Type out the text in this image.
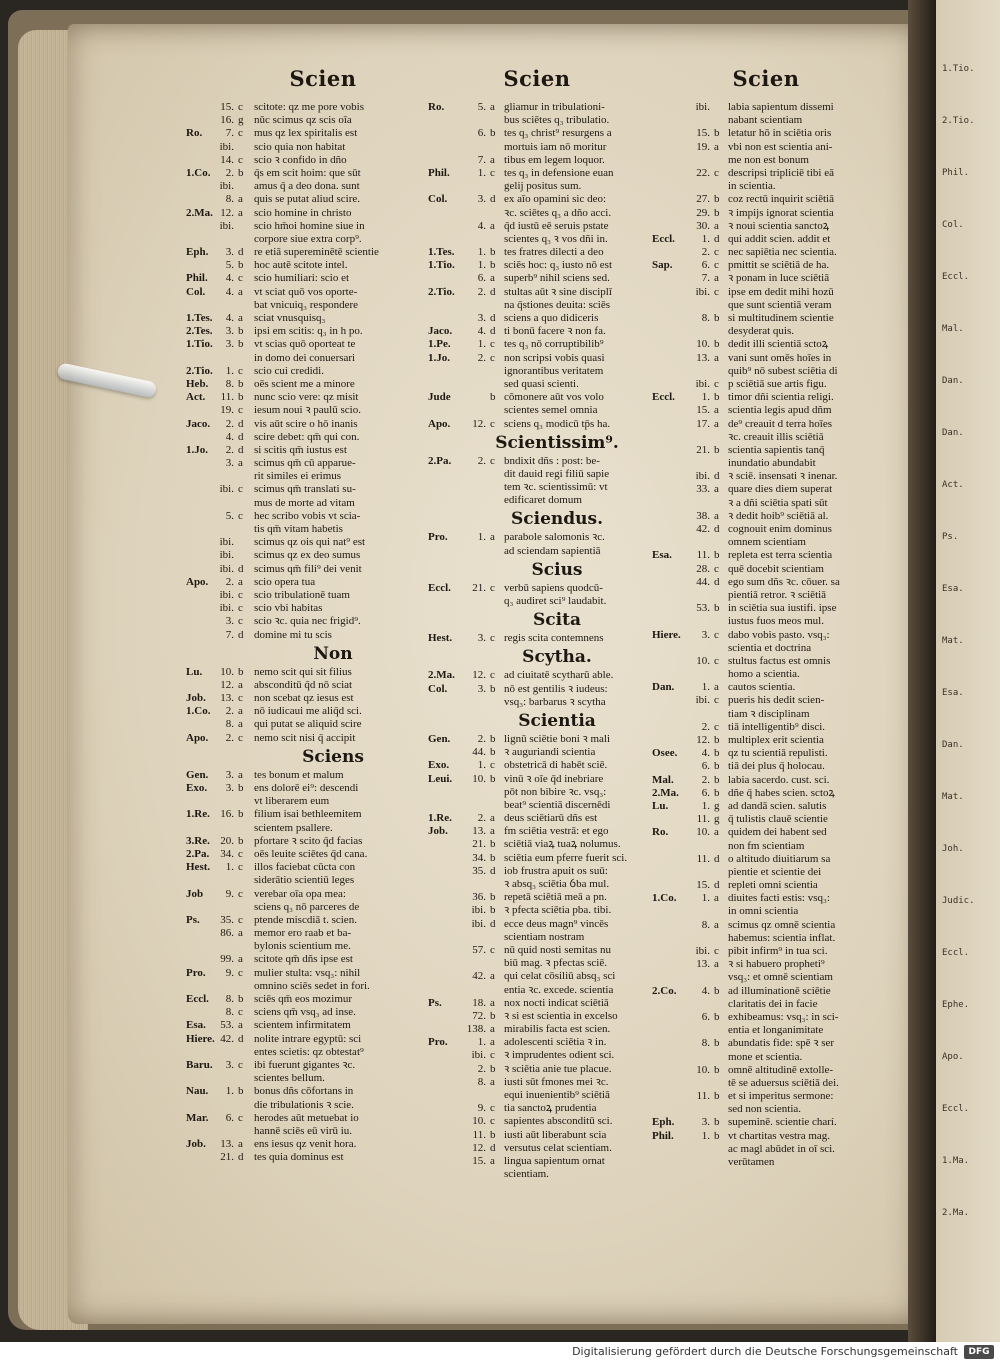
1.Tio.
2.Tio.
Phil.
Col.
Eccl.
Mal.
Dan.
Dan.
Act.
Ps.
Esa.
Mat.
Esa.
Dan.
Mat.
Joh.
Judic.
Eccl.
Ephe.
Apo.
Eccl.
1.Ma.
2.Ma.
Scien
15. c	scitote: qz me pore vobis
16. g nūc scimus qz scis oīa
Ro.	7. c	mus qz lex spiritalis est
ibi. scio quia non habitat
14. c	scio ꝛ confido in dño
1.Co.	2. b q̄s em scit hoim: que sūt
ibi. amus q̄ a deo dona. sunt
8. a	quis se putat aliud scire.
2.Ma. 12. a	scio homine in christo
ibi. scio hm̄oi homine siue in
corpore siue extra corp⁹.
Eph.	3. d re etiā supereminētē scientie
5. b hoc autē scitote intel.
Phil.	4. c	scio humiliari: scio et
Col.	4. a	vt sciat quō vos oporte-
bat vnicuiq₃ respondere
1.Tes.	4. a	sciat vnusquisq₃
2.Tes.	3. b ipsi em scitis: q₃ in h po.
1.Tio.	3. b vt scias quō oporteat te
in domo dei conuersari
2.Tio.	1. c	scio cui credidi.
Heb.	8. b oēs scient me a minore
Act.	11. b nunc scio vere: qz misit
19. c	iesum noui ꝛ paulū scio.
Jaco.	2. d vis aūt scire o hō inanis
4. d scire debet: qm̄ qui con.
1.Jo.	2. d si scitis qm̄ iustus est
3. a	scimus qm̄ cū apparue-
rit similes ei erimus
ibi. c	scimus qm̄ translati su-
mus de morte ad vitam
5. c	hec scribo vobis vt scia-
tis qm̄ vitam habetis
ibi. scimus qz ois qui nat⁹ est
ibi. scimus qz ex deo sumus
ibi. d scimus qm̄ fili⁹ dei venit
Apo.	2. a	scio opera tua
ibi. c	scio tribulationē tuam
ibi. c	scio vbi habitas
3. c	scio ꝛc. quia nec frigid⁹.
7. d domine mi tu scis
Non
Lu.	10. b nemo scit qui sit filius
12. a	absconditū q̄d nō sciat
Job.	13. c	non scebat qz iesus est
1.Co.	2. a	nō iudicaui me aliq̄d sci.
8. a	qui putat se aliquid scire
Apo.	2. c	nemo scit nisi q̄ accipit
Sciens
Gen.	3. a	tes bonum et malum
Exo.	3. b ens dolorē ei⁹: descendi
vt liberarem eum
1.Re. 16. b filium isai bethleemitem
scientem psallere.
3.Re. 20. b pfortare ꝛ scito q̄d facias
2.Pa.	34. c	oēs leuite sciētes q̄d cana.
Hest.	1. c	illos faciebat cūcta con
siderātio scientiū leges
Job	9. c	verebar oīa opa mea:
sciens q₃ nō parceres de
Ps.	35. c	ptende miscdiā t. scien.
86. a	memor ero raab et ba-
bylonis scientium me.
99. a	scitote qm̄ dñs ipse est
Pro.	9. c	mulier stulta: vsq₃: nihil
omnino sciēs sedet in fori.
Eccl.	8. b sciēs qm̄ eos mozimur
8. c	sciens qm̄ vsq₃ ad inse.
Esa.	53. a	scientem infirmitatem
Hiere. 42. d nolite intrare egyptū: sci
entes scietis: qz obtestat⁹
Baru.	3. c	ibi fuerunt gigantes ꝛc.
scientes bellum.
Nau.	1. b bonus dñs cōfortans in
die tribulationis ꝛ scie.
Mar.	6. c	herodes aūt metuebat io
hannē sciēs eū virū iu.
Job.	13. a	ens iesus qz venit hora.
21. d tes quia dominus est
Scien
Ro.	5. a gliamur in tribulationi-
bus sciētes q₃ tribulatio.
6. b tes q₃ christ⁹ resurgens a
mortuis iam nō moritur
7. a tibus em legem loquor.
Phil.	1. c tes q₃ in defensione euan
gelij positus sum.
Col.	3. d ex aīo opamini sic deo:
ꝛc. sciētes q₃ a dño acci.
4. a q̄d iustū eē seruis pstate
scientes q₃ ꝛ vos dñi in.
1.Tes.	1. b tes fratres dilecti a deo
1.Tio.	1. b sciēs hoc: q₃ iusto nō est
6. a superb⁹ nihil sciens sed.
2.Tio.	2. d stultas aūt ꝛ sine disciplī
na q̄stiones deuita: sciēs
3. d sciens a quo didiceris
Jaco.	4. d ti bonū facere ꝛ non fa.
1.Pe.	1. c tes q₃ nō corruptibilib⁹
1.Jo.	2. c non scripsi vobis quasi
ignorantibus veritatem
sed quasi scienti.
Jude	b cōmonere aūt vos volo
scientes semel omnia
Apo.	12. c sciens q₃ modicū tp̄s ha.
Scientissim⁹.
2.Pa.	2. c bndixit dñs : post: be-
dit dauid regi filiū sapie
tem ꝛc. scientissimū: vt
edificaret domum
Sciendus.
Pro.	1. a parabole salomonis ꝛc.
ad sciendam sapientiā
Scius
Eccl.	21. c verbū sapiens quodcū-
q₃ audiret sci⁹ laudabit.
Scita
Hest.	3. c regis scita contemnens
Scytha.
2.Ma.	12. c ad ciuitatē scytharū able.
Col.	3. b nō est gentilis ꝛ iudeus:
vsq₃: barbarus ꝛ scytha
Scientia
Gen.	2. b lignū sciētie boni ꝛ mali
44. b ꝛ auguriandi scientia
Exo.	1. c obstetricā di habēt sciē.
Leui.	10. b vinū ꝛ oīe q̄d inebriare
pōt non bibire ꝛc. vsq₃:
beat⁹ scientiā discernēdi
1.Re.	2. a deus sciētiarū dñs est
Job.	13. a fm sciētia vestrā: et ego
21. b sciētiā viaꝝ tuaꝝ nolumus.
34. b sciētia eum pferre fuerit sci.
35. d iob frustra apuit os suū:
ꝛ absq₃ sciētia ỽba mul.
36. b repetā sciētiā meā a pn.
ibi. b ꝛ pfecta sciētia pba. tibi.
ibi. d ecce deus magn⁹ vincēs
scientiam nostram
57. c nū quid nosti semitas nu
biū mag. ꝛ pfectas sciē.
42. a qui celat cōsiliū absq₃ sci
entia ꝛc. excede. scientia
Ps.	18. a nox nocti indicat sciētiā
72. b ꝛ si est scientia in excelso
138. a mirabilis facta est scien.
Pro.	1. a adolescenti sciētia ꝛ in.
ibi. c ꝛ imprudentes odient sci.
2. b ꝛ sciētia anie tue placue.
8. a iusti sūt fmones mei ꝛc.
equi inuenientib⁹ sciētiā
9. c tia sanctoꝝ prudentia
10. c sapientes absconditū sci.
11. b iusti aūt liberabunt scia
12. d versutus celat scientiam.
15. a lingua sapientum ornat
scientiam.
Scien
ibi. labia sapientum dissemi
nabant scientiam
15. b letatur hō in sciētia oris
19. a vbi non est scientia ani-
me non est bonum
22. c descripsi tripliciē tibi eā
in scientia.
27. b coz rectū inquirit sciētiā
29. b ꝛ impijs ignorat scientia
30. a ꝛ noui scientia sanctoꝝ
Eccl.	1. d qui addit scien. addit et
2. c nec sapiētia nec scientia.
Sap.	6. c pmittit se sciētiā de ha.
7. a ꝛ ponam in luce sciētiā
ibi. c ipse em dedit mihi hozū
que sunt scientiā veram
8. b si multitudinem scientie
desyderat quis.
10. b dedit illi scientiā sctoꝝ
13. a vani sunt omēs hoīes in
quib⁹ nō subest sciētia di
ibi. c p sciētiā sue artis figu.
Eccl.	1. b timor dñi scientia religi.
15. a scientia legis apud dñm
17. a de⁹ creauit d terra hoīes
ꝛc. creauit illis sciētiā
21. b scientia sapientis tanq̄
inundatio abundabit
ibi. d ꝛ sciē. insensati ꝛ inenar.
33. a quare dies diem superat
ꝛ a dñi sciētia spati sūt
38. a ꝛ dedit hoib⁹ sciētiā al.
42. d cognouit enim dominus
omnem scientiam
Esa.	11. b repleta est terra scientia
28. c quē docebit scientiam
44. d ego sum dñs ꝛc. cōuer. sa
pientiā retror. ꝛ sciētiā
53. b in sciētia sua iustifi. ipse
iustus fuos meos mul.
Hiere.	3. c dabo vobis pasto. vsq₃:
scientia et doctrina
10. c stultus factus est omnis
homo a scientia.
Dan.	1. a cautos scientia.
ibi. c pueris his dedit scien-
tiam ꝛ disciplinam
2. c tiā intelligentib⁹ disci.
12. b multiplex erit scientia
Osee.	4. b qz tu scientiā repulisti.
6. b tiā dei plus q̄ holocau.
Mal.	2. b labia sacerdo. cust. sci.
2.Ma.	6. b dñe q̄ habes scien. sctoꝝ
Lu.	1. g ad dandā scien. salutis
11. g q̄ tulistis clauē scientie
Ro.	10. a quidem dei habent sed
non fm scientiam
11. d o altitudo diuitiarum sa
pientie et scientie dei
15. d repleti omni scientia
1.Co.	1. a diuites facti estis: vsq₃:
in omni scientia
8. a scimus qz omnē scientia
habemus: scientia inflat.
ibi. c pibit infirm⁹ in tua sci.
13. a ꝛ si habuero propheti⁹
vsq₃: et omnē scientiam
2.Co.	4. b ad illuminationē sciētie
claritatis dei in facie
6. b exhibeamus: vsq₃: in sci-
entia et longanimitate
8. b abundatis fide: spē ꝛ ser
mone et scientia.
10. b omnē altitudinē extolle-
tē se aduersus sciētiā dei.
11. b et si imperitus sermone:
sed non scientia.
Eph.	3. b supeminē. scientie charí.
Phil.	1. b vt chartitas vestra mag.
ac magl abūdet in oī sci.
verūtamen
Digitalisierung gefördert durch die Deutsche Forschungsgemeinschaft	DFG
